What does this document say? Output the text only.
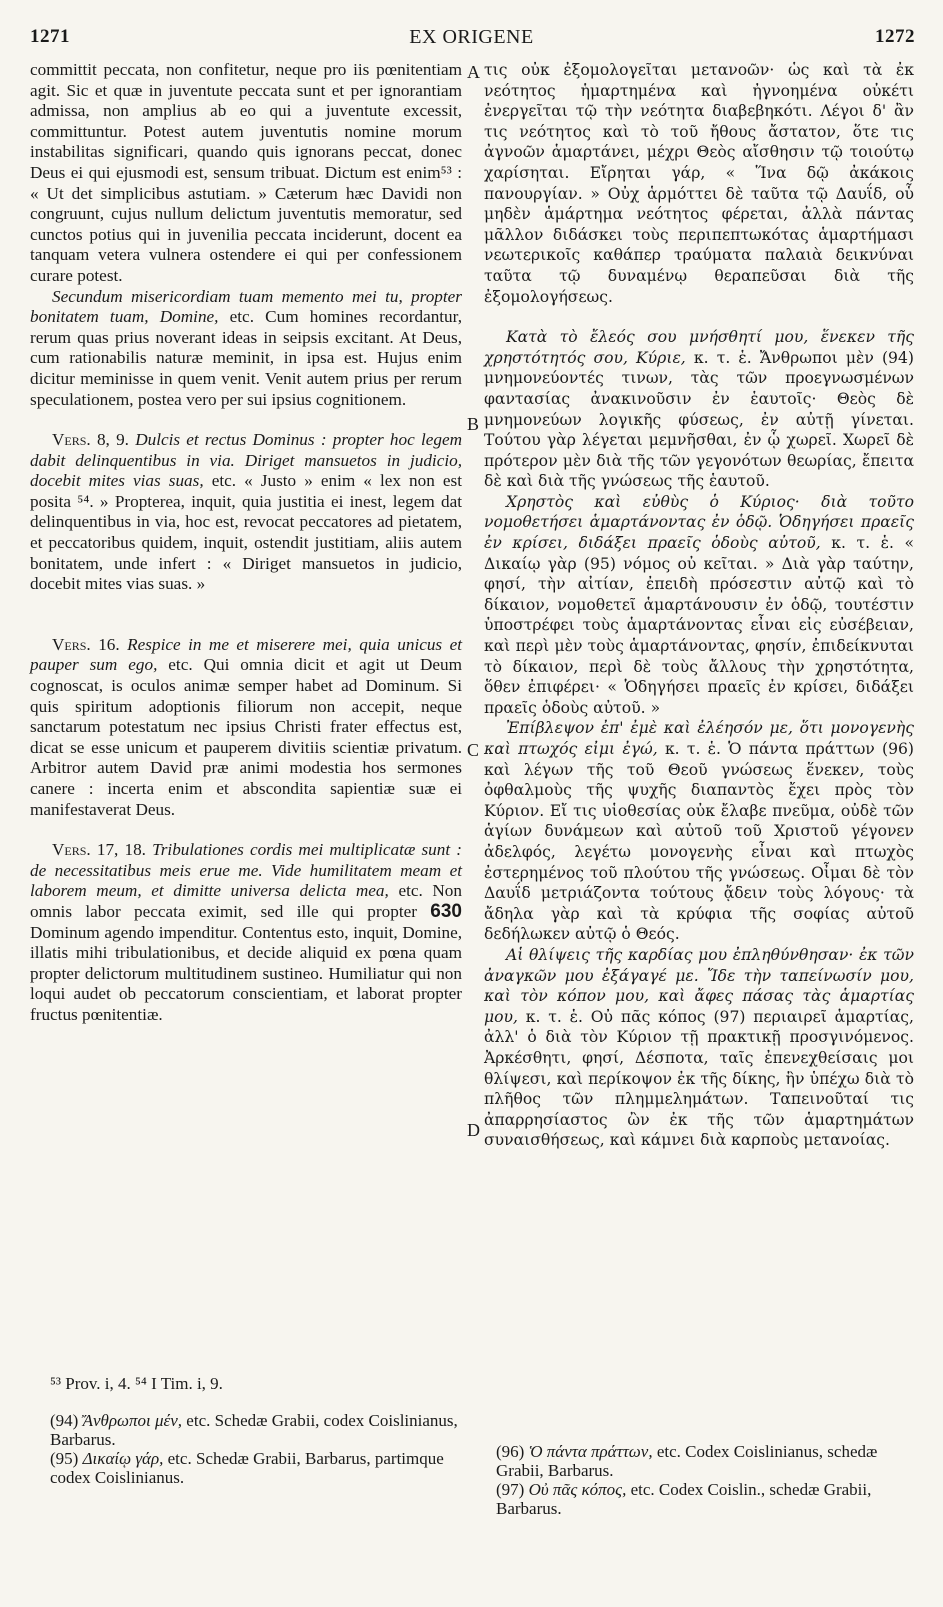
1271	EX ORIGENE	1272
A
B
C
D

committit peccata, non confitetur, neque pro iis pœnitentiam agit. Sic et quæ in juventute peccata sunt et per ignorantiam admissa, non amplius ab eo qui a juventute excessit, committuntur. Potest autem juventutis nomine morum instabilitas significari, quando quis ignorans peccat, donec Deus ei qui ejusmodi est, sensum tribuat. Dictum est enim⁵³ : « Ut det simplicibus astutiam. » Cæterum hæc Davidi non congruunt, cujus nullum delictum juventutis memoratur, sed cunctos potius qui in juvenilia peccata inciderunt, docent ea tanquam vetera vulnera ostendere ei qui per confessionem curare potest.

Secundum misericordiam tuam memento mei tu, propter bonitatem tuam, Domine, etc. Cum homines recordantur, rerum quas prius noverant ideas in seipsis excitant. At Deus, cum rationabilis naturæ meminit, in ipsa est. Hujus enim dicitur meminisse in quem venit. Venit autem prius per rerum speculationem, postea vero per sui ipsius cognitionem.

Vers. 8, 9. Dulcis et rectus Dominus : propter hoc legem dabit delinquentibus in via. Diriget mansuetos in judicio, docebit mites vias suas, etc. « Justo » enim « lex non est posita ⁵⁴. » Propterea, inquit, quia justitia ei inest, legem dat delinquentibus in via, hoc est, revocat peccatores ad pietatem, et peccatoribus quidem, inquit, ostendit justitiam, aliis autem bonitatem, unde infert : « Diriget mansuetos in judicio, docebit mites vias suas. »

Vers. 16. Respice in me et miserere mei, quia unicus et pauper sum ego, etc. Qui omnia dicit et agit ut Deum cognoscat, is oculos animæ semper habet ad Dominum. Si quis spiritum adoptionis filiorum non accepit, neque sanctarum potestatum nec ipsius Christi frater effectus est, dicat se esse unicum et pauperem divitiis scientiæ privatum. Arbitror autem David præ animi modestia hos sermones canere : incerta enim et abscondita sapientiæ suæ ei manifestaverat Deus.

Vers. 17, 18. Tribulationes cordis mei multiplicatæ sunt : de necessitatibus meis erue me. Vide humilitatem meam et laborem meum, et dimitte universa delicta mea, etc. Non omnis labor peccata eximit, sed ille qui propter 630 Dominum agendo impenditur. Contentus esto, inquit, Domine, illatis mihi tribulationibus, et decide aliquid ex pœna quam propter delictorum multitudinem sustineo. Humiliatur qui non loqui audet ob peccatorum conscientiam, et laborat propter fructus pœnitentiæ.

τις οὐκ ἐξομολογεῖται μετανοῶν· ὡς καὶ τὰ ἐκ νεότητος ἡμαρτημένα καὶ ἠγνοημένα οὐκέτι ἐνεργεῖται τῷ τὴν νεότητα διαβεβηκότι. Λέγοι δ' ἂν τις νεότητος καὶ τὸ τοῦ ἤθους ἄστατον, ὅτε τις ἀγνοῶν ἁμαρτάνει, μέχρι Θεὸς αἴσθησιν τῷ τοιούτῳ χαρίσηται. Εἴρηται γάρ, « Ἵνα δῷ ἀκάκοις πανουργίαν. » Οὐχ ἁρμόττει δὲ ταῦτα τῷ Δαυΐδ, οὗ μηδὲν ἁμάρτημα νεότητος φέρεται, ἀλλὰ πάντας μᾶλλον διδάσκει τοὺς περιπεπτωκότας ἁμαρτήμασι νεωτερικοῖς καθάπερ τραύματα παλαιὰ δεικνύναι ταῦτα τῷ δυναμένῳ θεραπεῦσαι διὰ τῆς ἐξομολογήσεως.

Κατὰ τὸ ἔλεός σου μνήσθητί μου, ἕνεκεν τῆς χρηστότητός σου, Κύριε, κ. τ. ἑ. Ἄνθρωποι μὲν (94) μνημονεύοντές τινων, τὰς τῶν προεγνωσμένων φαντασίας ἀνακινοῦσιν ἐν ἑαυτοῖς· Θεὸς δὲ μνημονεύων λογικῆς φύσεως, ἐν αὐτῇ γίνεται. Τούτου γὰρ λέγεται μεμνῆσθαι, ἐν ᾧ χωρεῖ. Χωρεῖ δὲ πρότερον μὲν διὰ τῆς τῶν γεγονότων θεωρίας, ἔπειτα δὲ καὶ διὰ τῆς γνώσεως τῆς ἑαυτοῦ.

Χρηστὸς καὶ εὐθὺς ὁ Κύριος· διὰ τοῦτο νομοθετήσει ἁμαρτάνοντας ἐν ὁδῷ. Ὁδηγήσει πραεῖς ἐν κρίσει, διδάξει πραεῖς ὁδοὺς αὐτοῦ, κ. τ. ἑ. « Δικαίῳ γὰρ (95) νόμος οὐ κεῖται. » Διὰ γὰρ ταύτην, φησί, τὴν αἰτίαν, ἐπειδὴ πρόσεστιν αὐτῷ καὶ τὸ δίκαιον, νομοθετεῖ ἁμαρτάνουσιν ἐν ὁδῷ, τουτέστιν ὑποστρέφει τοὺς ἁμαρτάνοντας εἶναι εἰς εὐσέβειαν, καὶ περὶ μὲν τοὺς ἁμαρτάνοντας, φησίν, ἐπιδείκνυται τὸ δίκαιον, περὶ δὲ τοὺς ἄλλους τὴν χρηστότητα, ὅθεν ἐπιφέρει· « Ὁδηγήσει πραεῖς ἐν κρίσει, διδάξει πραεῖς ὁδοὺς αὐτοῦ. »

Ἐπίβλεψον ἐπ' ἐμὲ καὶ ἐλέησόν με, ὅτι μονογενὴς καὶ πτωχός εἰμι ἐγώ, κ. τ. ἑ. Ὁ πάντα πράττων (96) καὶ λέγων τῆς τοῦ Θεοῦ γνώσεως ἕνεκεν, τοὺς ὀφθαλμοὺς τῆς ψυχῆς διαπαντὸς ἔχει πρὸς τὸν Κύριον. Εἴ τις υἱοθεσίας οὐκ ἔλαβε πνεῦμα, οὐδὲ τῶν ἁγίων δυνάμεων καὶ αὐτοῦ τοῦ Χριστοῦ γέγονεν ἀδελφός, λεγέτω μονογενὴς εἶναι καὶ πτωχὸς ἐστερημένος τοῦ πλούτου τῆς γνώσεως. Οἶμαι δὲ τὸν Δαυΐδ μετριάζοντα τούτους ᾄδειν τοὺς λόγους· τὰ ἄδηλα γὰρ καὶ τὰ κρύφια τῆς σοφίας αὐτοῦ δεδήλωκεν αὐτῷ ὁ Θεός.

Αἱ θλίψεις τῆς καρδίας μου ἐπληθύνθησαν· ἐκ τῶν ἀναγκῶν μου ἐξάγαγέ με. Ἴδε τὴν ταπείνωσίν μου, καὶ τὸν κόπον μου, καὶ ἄφες πάσας τὰς ἁμαρτίας μου, κ. τ. ἑ. Οὐ πᾶς κόπος (97) περιαιρεῖ ἁμαρτίας, ἀλλ' ὁ διὰ τὸν Κύριον τῇ πρακτικῇ προσγινόμενος. Ἀρκέσθητι, φησί, Δέσποτα, ταῖς ἐπενεχθείσαις μοι θλίψεσι, καὶ περίκοψον ἐκ τῆς δίκης, ἣν ὑπέχω διὰ τὸ πλῆθος τῶν πλημμελημάτων. Ταπεινοῦταί τις ἀπαρρησίαστος ὢν ἐκ τῆς τῶν ἁμαρτημάτων συναισθήσεως, καὶ κάμνει διὰ καρποὺς μετανοίας.

⁵³ Prov. i, 4. ⁵⁴ I Tim. i, 9.

(94) Ἄνθρωποι μέν, etc. Schedæ Grabii, codex Coislinianus, Barbarus.

(95) Δικαίῳ γάρ, etc. Schedæ Grabii, Barbarus, partimque codex Coislinianus.

(96) Ὁ πάντα πράττων, etc. Codex Coislinianus, schedæ Grabii, Barbarus.

(97) Οὐ πᾶς κόπος, etc. Codex Coislin., schedæ Grabii, Barbarus.
